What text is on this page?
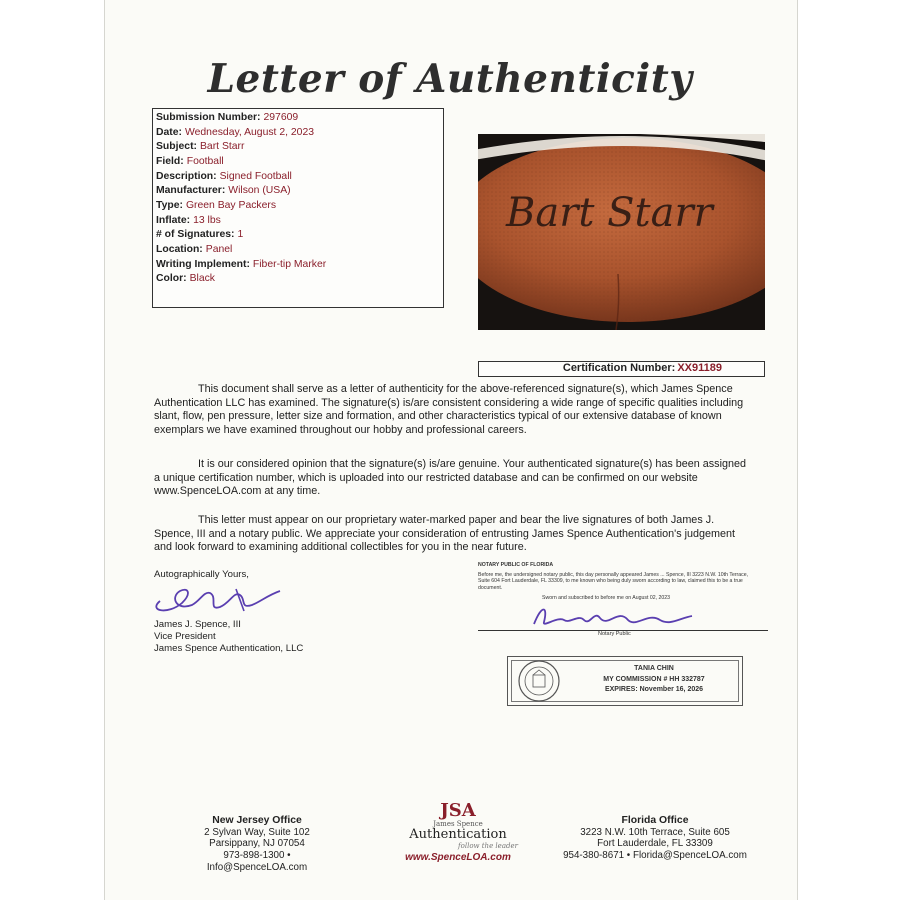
Letter of Authenticity
Submission Number: 297609
Date: Wednesday, August 2, 2023
Subject: Bart Starr
Field: Football
Description: Signed Football
Manufacturer: Wilson (USA)
Type: Green Bay Packers
Inflate: 13 lbs
# of Signatures: 1
Location: Panel
Writing Implement: Fiber-tip Marker
Color: Black
Bart Starr
Certification Number: XX91189

This document shall serve as a letter of authenticity for the above-referenced signature(s), which James Spence Authentication LLC has examined. The signature(s) is/are consistent considering a wide range of specific qualities including slant, flow, pen pressure, letter size and formation, and other characteristics typical of our extensive database of known exemplars we have examined throughout our hobby and professional careers.

It is our considered opinion that the signature(s) is/are genuine. Your authenticated signature(s) has been assigned a unique certification number, which is uploaded into our restricted database and can be confirmed on our website www.SpenceLOA.com at any time.

This letter must appear on our proprietary water-marked paper and bear the live signatures of both James J. Spence, III and a notary public. We appreciate your consideration of entrusting James Spence Authentication's judgement and look forward to examining additional collectibles for you in the near future.

Autographically Yours,
James J. Spence, III
Vice President
James Spence Authentication, LLC
NOTARY PUBLIC OF FLORIDA
Before me, the undersigned notary public, this day personally appeared James ... Spence, III 3223 N.W. 10th Terrace, Suite 604 Fort Lauderdale, FL 33309, to me known who being duly sworn according to law, claimed this to be a true document.
Sworn and subscribed to before me on August 02, 2023
Notary Public
TANIA CHIN
MY COMMISSION # HH 332787
EXPIRES: November 16, 2026
New Jersey Office
2 Sylvan Way, Suite 102
Parsippany, NJ 07054
973-898-1300 • Info@SpenceLOA.com
JSA
James Spence
Authentication
follow the leader
www.SpenceLOA.com
Florida Office
3223 N.W. 10th Terrace, Suite 605
Fort Lauderdale, FL 33309
954-380-8671 • Florida@SpenceLOA.com
